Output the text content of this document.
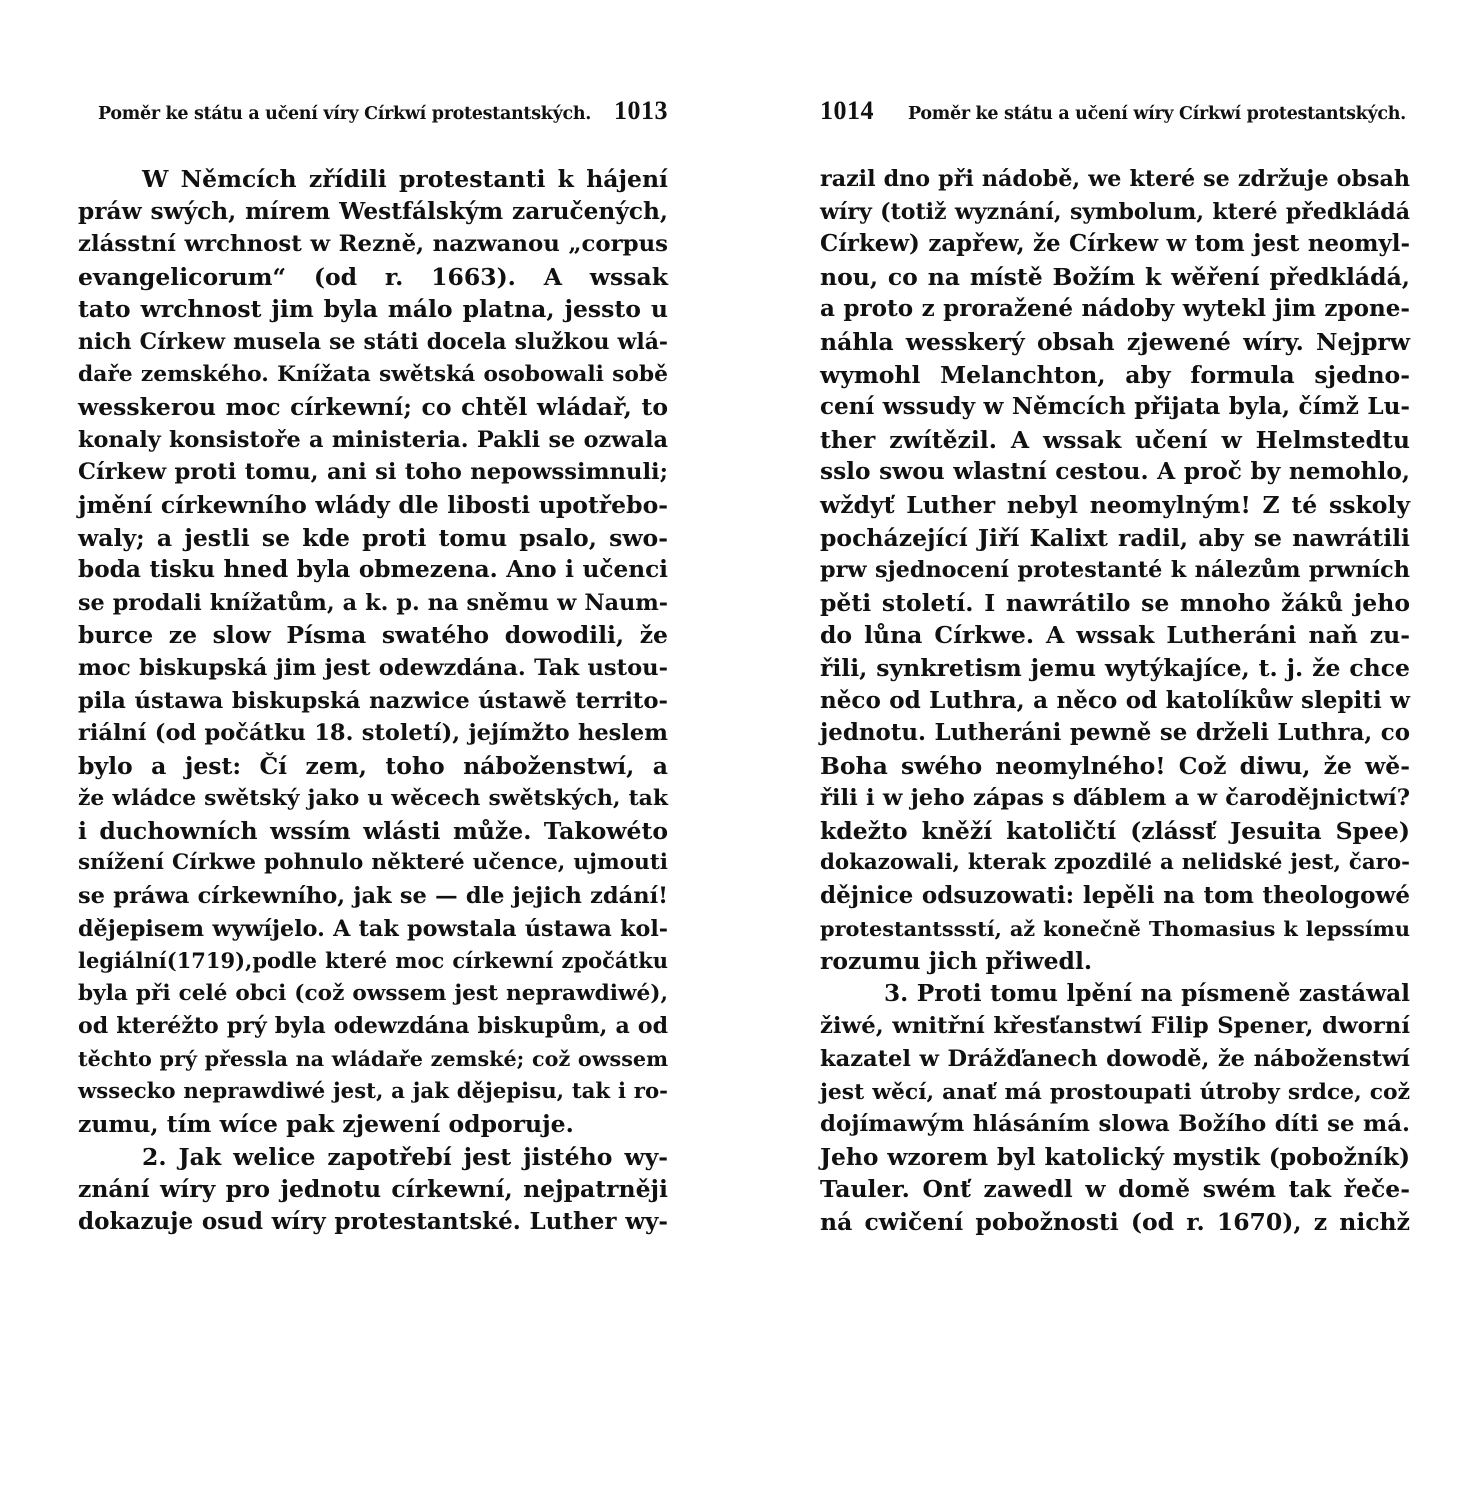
Poměr ke státu a učení víry Církwí protestantských. 1013
W Němcích zřídili protestanti k hájení
práw swých, mírem Westfálským zaručených,
zlásstní wrchnost w Rezně, nazwanou „corpus
evangelicorum“ (od r. 1663). A wssak
tato wrchnost jim byla málo platna, jessto u
nich Církew musela se státi docela služkou wlá-
daře zemského. Knížata swětská osobowali sobě
wesskerou moc církewní; co chtěl wládař, to
konaly konsistoře a ministeria. Pakli se ozwala
Církew proti tomu, ani si toho nepowssimnuli;
jmění církewního wlády dle libosti upotřebo-
waly; a jestli se kde proti tomu psalo, swo-
boda tisku hned byla obmezena. Ano i učenci
se prodali knížatům, a k. p. na sněmu w Naum-
burce ze slow Písma swatého dowodili, že
moc biskupská jim jest odewzdána. Tak ustou-
pila ústawa biskupská nazwice ústawě territo-
riální (od počátku 18. století), jejímžto heslem
bylo a jest: Čí zem, toho náboženstwí, a
že wládce swětský jako u wěcech swětských, tak
i duchowních wssím wlásti může. Takowéto
snížení Církwe pohnulo některé učence, ujmouti
se práwa církewního, jak se — dle jejich zdání!
dějepisem wywíjelo. A tak powstala ústawa kol-
legiální(1719),podle které moc církewní zpočátku
byla při celé obci (což owssem jest neprawdiwé),
od kteréžto prý byla odewzdána biskupům, a od
těchto prý přessla na wládaře zemské; což owssem
wssecko neprawdiwé jest, a jak dějepisu, tak i ro-
zumu, tím wíce pak zjewení odporuje.
2. Jak welice zapotřebí jest jistého wy-
znání wíry pro jednotu církewní, nejpatrněji
dokazuje osud wíry protestantské. Luther wy-
1014 Poměr ke státu a učení wíry Církwí protestantských.
razil dno při nádobě, we které se zdržuje obsah
wíry (totiž wyznání, symbolum, které předkládá
Církew) zapřew, že Církew w tom jest neomyl-
nou, co na místě Božím k wěření předkládá,
a proto z proražené nádoby wytekl jim zpone-
náhla wesskerý obsah zjewené wíry. Nejprw
wymohl Melanchton, aby formula sjedno-
cení wssudy w Němcích přijata byla, čímž Lu-
ther zwítězil. A wssak učení w Helmstedtu
sslo swou wlastní cestou. A proč by nemohlo,
wždyť Luther nebyl neomylným! Z té sskoly
pocházející Jiří Kalixt radil, aby se nawrátili
prw sjednocení protestanté k nálezům prwních
pěti století. I nawrátilo se mnoho žáků jeho
do lůna Církwe. A wssak Lutheráni naň zu-
řili, synkretism jemu wytýkajíce, t. j. že chce
něco od Luthra, a něco od katolíkůw slepiti w
jednotu. Lutheráni pewně se drželi Luthra, co
Boha swého neomylného! Což diwu, že wě-
řili i w jeho zápas s ďáblem a w čarodějnictwí?
kdežto kněží katoličtí (zlássť Jesuita Spee)
dokazowali, kterak zpozdilé a nelidské jest, čaro-
dějnice odsuzowati: lepěli na tom theologowé
protestantssstí, až konečně Thomasius k lepssímu
rozumu jich přiwedl.
3. Proti tomu lpění na písmeně zastáwal
žiwé, wnitřní křesťanstwí Filip Spener, dworní
kazatel w Drážďanech dowodě, že náboženstwí
jest wěcí, anať má prostoupati útroby srdce, což
dojímawým hlásáním slowa Božího díti se má.
Jeho wzorem byl katolický mystik (pobožník)
Tauler. Onť zawedl w domě swém tak řeče-
ná cwičení pobožnosti (od r. 1670), z nichž
